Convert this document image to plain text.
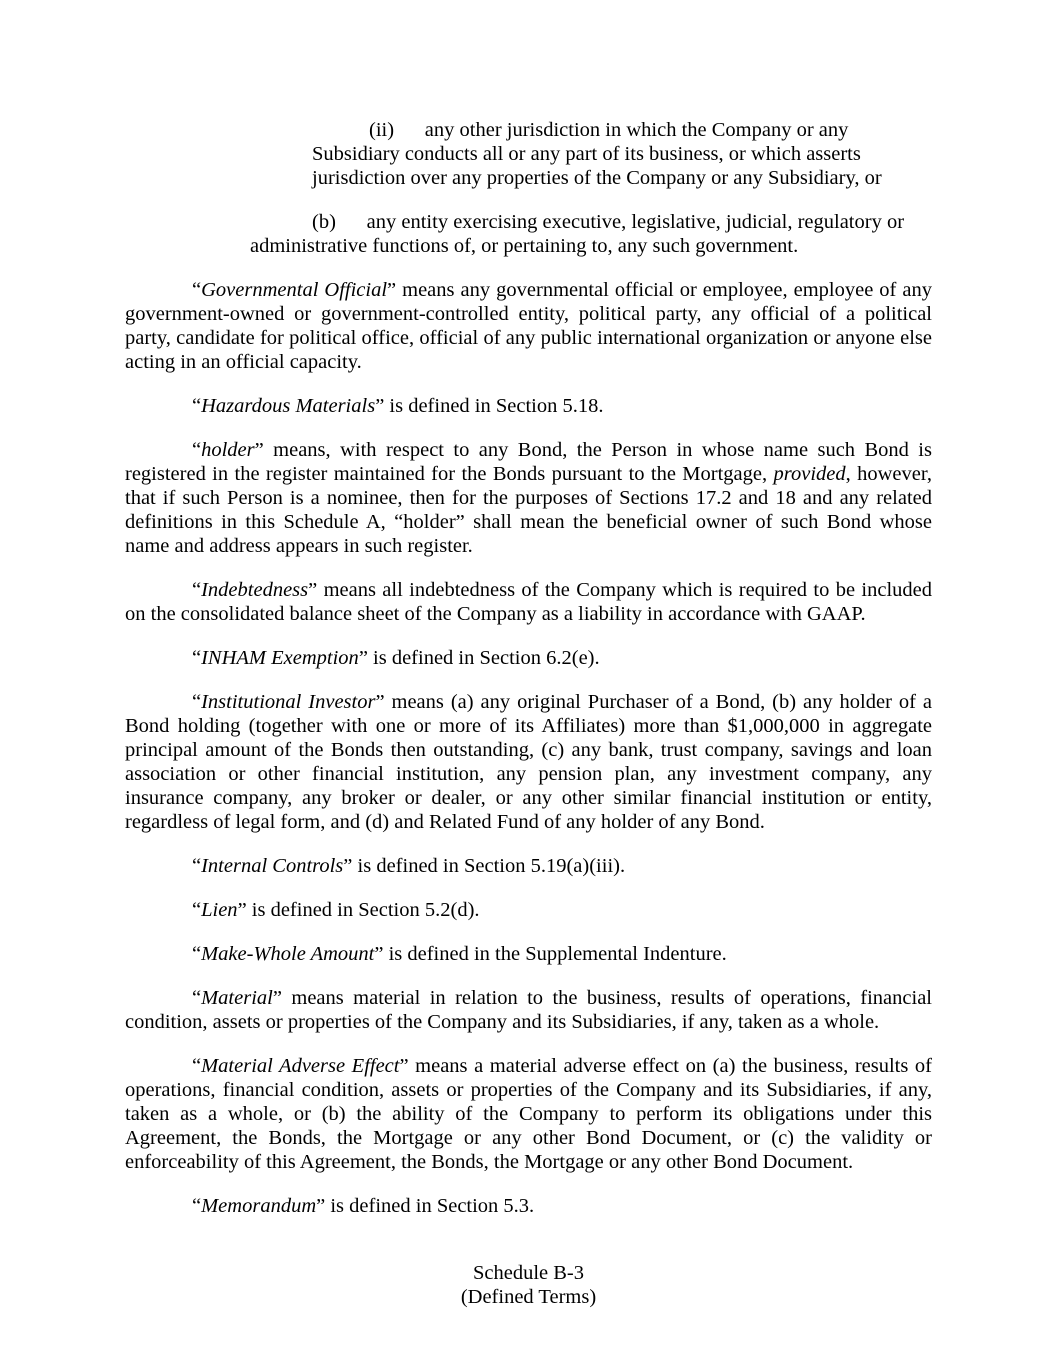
(ii)      any other jurisdiction in which the Company or any Subsidiary conducts all or any part of its business, or which asserts jurisdiction over any properties of the Company or any Subsidiary, or

(b)      any entity exercising executive, legislative, judicial, regulatory or administrative functions of, or pertaining to, any such government.

“Governmental Official” means any governmental official or employee, employee of any government-owned or government-controlled entity, political party, any official of a political party, candidate for political office, official of any public international organization or anyone else acting in an official capacity.

“Hazardous Materials” is defined in Section 5.18.

“holder” means, with respect to any Bond, the Person in whose name such Bond is registered in the register maintained for the Bonds pursuant to the Mortgage, provided, however, that if such Person is a nominee, then for the purposes of Sections 17.2 and 18 and any related definitions in this Schedule A, “holder” shall mean the beneficial owner of such Bond whose name and address appears in such register.

“Indebtedness” means all indebtedness of the Company which is required to be included on the consolidated balance sheet of the Company as a liability in accordance with GAAP.

“INHAM Exemption” is defined in Section 6.2(e).

“Institutional Investor” means (a) any original Purchaser of a Bond, (b) any holder of a Bond holding (together with one or more of its Affiliates) more than $1,000,000 in aggregate principal amount of the Bonds then outstanding, (c) any bank, trust company, savings and loan association or other financial institution, any pension plan, any investment company, any insurance company, any broker or dealer, or any other similar financial institution or entity, regardless of legal form, and (d) and Related Fund of any holder of any Bond.

“Internal Controls” is defined in Section 5.19(a)(iii).

“Lien” is defined in Section 5.2(d).

“Make-Whole Amount” is defined in the Supplemental Indenture.

“Material” means material in relation to the business, results of operations, financial condition, assets or properties of the Company and its Subsidiaries, if any, taken as a whole.

“Material Adverse Effect” means a material adverse effect on (a) the business, results of operations, financial condition, assets or properties of the Company and its Subsidiaries, if any, taken as a whole, or (b) the ability of the Company to perform its obligations under this Agreement, the Bonds, the Mortgage or any other Bond Document, or (c) the validity or enforceability of this Agreement, the Bonds, the Mortgage or any other Bond Document.

“Memorandum” is defined in Section 5.3.

Schedule B-3
(Defined Terms)
